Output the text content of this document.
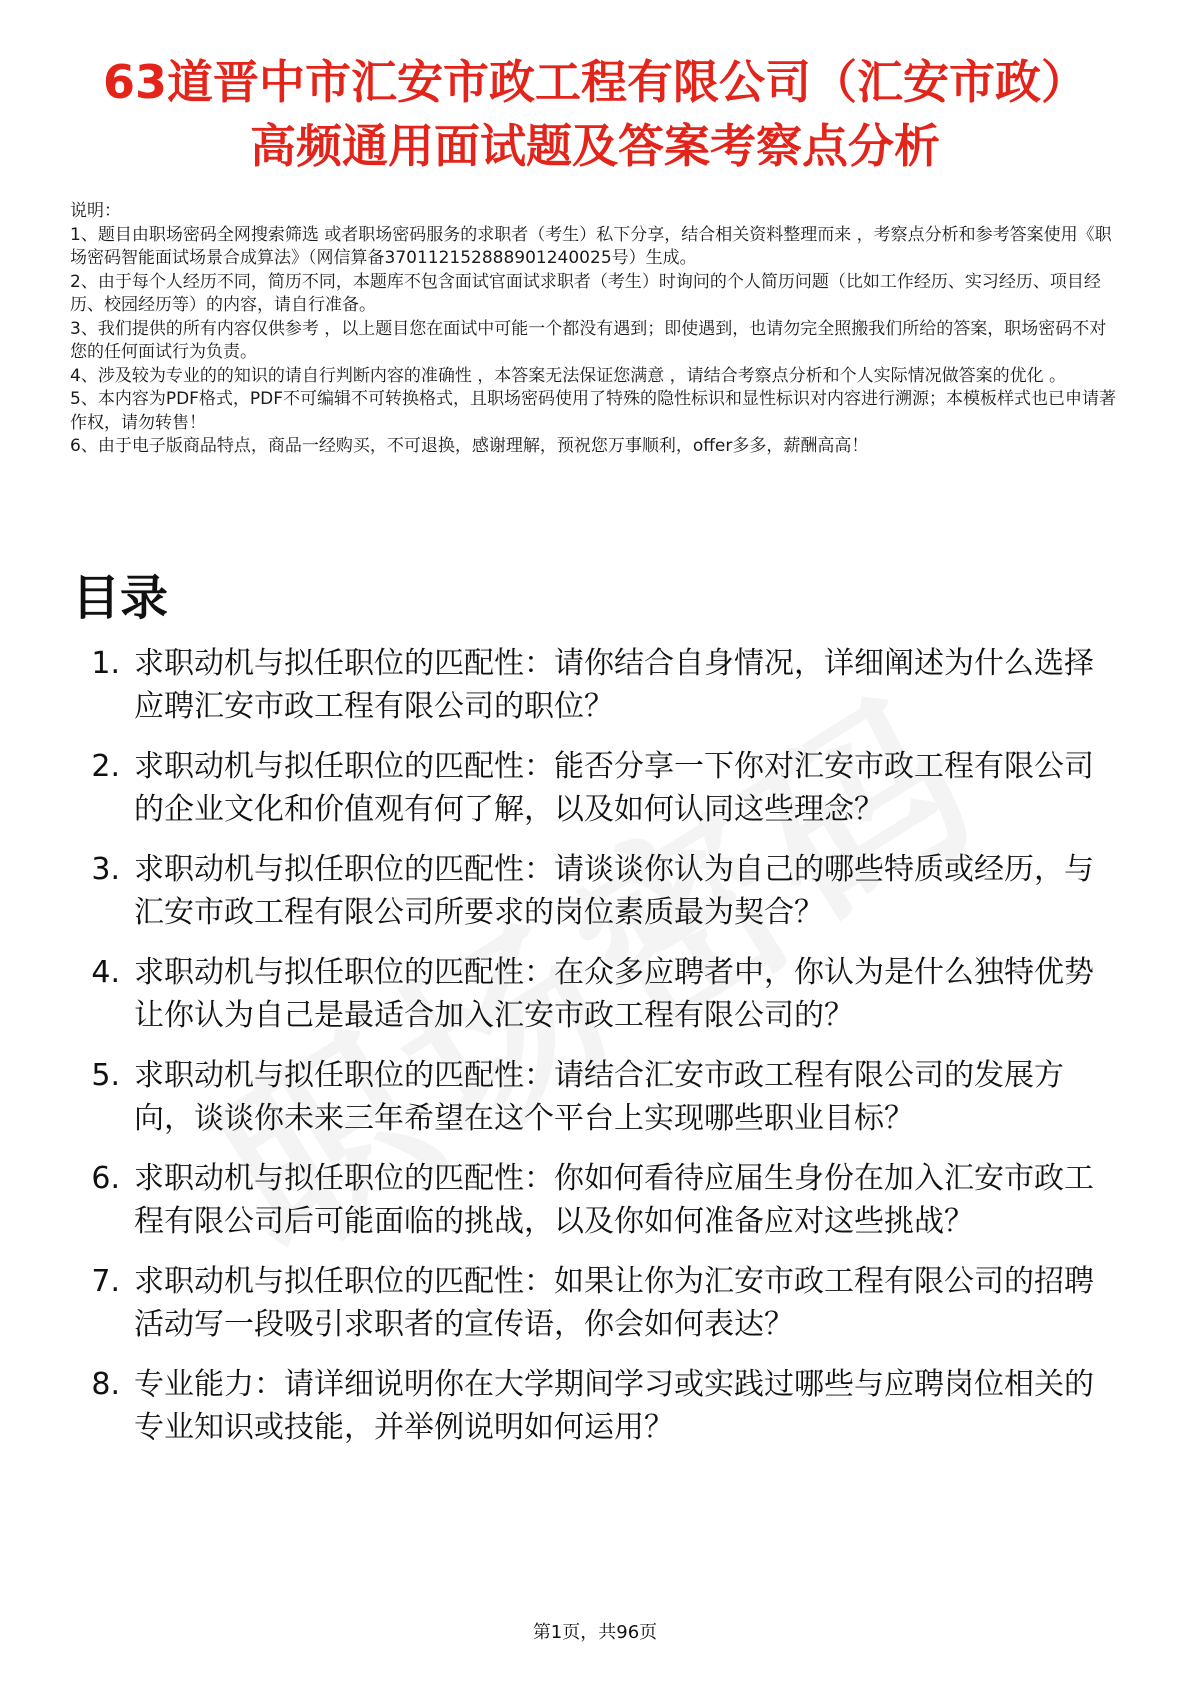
63道晋中市汇安市政工程有限公司（汇安市政）高频通用面试题及答案考察点分析
说明：
1、题目由职场密码全网搜索筛选 或者职场密码服务的求职者（考生）私下分享，结合相关资料整理而来 ，考察点分析和参考答案使用《职场密码智能面试场景合成算法》（网信算备370112152888901240025号）生成。
2、由于每个人经历不同，简历不同，本题库不包含面试官面试求职者（考生）时询问的个人简历问题（比如工作经历、实习经历、项目经历、校园经历等）的内容，请自行准备。
3、我们提供的所有内容仅供参考 ，以上题目您在面试中可能一个都没有遇到；即使遇到，也请勿完全照搬我们所给的答案，职场密码不对您的任何面试行为负责。
4、涉及较为专业的的知识的请自行判断内容的准确性 ，本答案无法保证您满意 ，请结合考察点分析和个人实际情况做答案的优化 。
5、本内容为PDF格式，PDF不可编辑不可转换格式，且职场密码使用了特殊的隐性标识和显性标识对内容进行溯源；本模板样式也已申请著作权，请勿转售！
6、由于电子版商品特点，商品一经购买，不可退换，感谢理解，预祝您万事顺利，offer多多，薪酬高高！
目录
1. 求职动机与拟任职位的匹配性：请你结合自身情况，详细阐述为什么选择应聘汇安市政工程有限公司的职位？
2. 求职动机与拟任职位的匹配性：能否分享一下你对汇安市政工程有限公司的企业文化和价值观有何了解，以及如何认同这些理念？
3. 求职动机与拟任职位的匹配性：请谈谈你认为自己的哪些特质或经历，与汇安市政工程有限公司所要求的岗位素质最为契合？
4. 求职动机与拟任职位的匹配性：在众多应聘者中，你认为是什么独特优势让你认为自己是最适合加入汇安市政工程有限公司的？
5. 求职动机与拟任职位的匹配性：请结合汇安市政工程有限公司的发展方向，谈谈你未来三年希望在这个平台上实现哪些职业目标？
6. 求职动机与拟任职位的匹配性：你如何看待应届生身份在加入汇安市政工程有限公司后可能面临的挑战，以及你如何准备应对这些挑战？
7. 求职动机与拟任职位的匹配性：如果让你为汇安市政工程有限公司的招聘活动写一段吸引求职者的宣传语，你会如何表达？
8. 专业能力：请详细说明你在大学期间学习或实践过哪些与应聘岗位相关的专业知识或技能，并举例说明如何运用？
第1页，共96页
